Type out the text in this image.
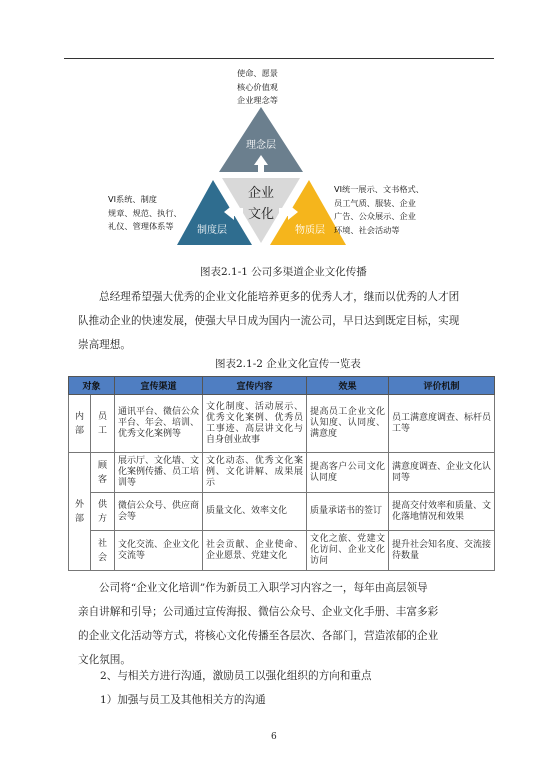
理念层
制度层	物质层
企业
文化
使命、愿景
核心价值观
企业理念等
VI系统、制度
规章、规范、执行、
礼仪、管理体系等
VI统一展示、文书格式、
员工气质、服装、企业
广告、公众展示、企业
环境、社会活动等
图表2.1-1 公司多渠道企业文化传播
总经理希望强大优秀的企业文化能培养更多的优秀人才，继而以优秀的人才团
队推动企业的快速发展，使强大早日成为国内一流公司，早日达到既定目标，实现
崇高理想。
图表2.1-2 企业文化宣传一览表
对象		宣传渠道	宣传内容	效果	评价机制
内部	员工	通讯平台、微信公众平台、年会、培训、优秀文化案例等	文化制度、活动展示、优秀文化案例、优秀员工事迹、高层讲文化与自身创业故事	提高员工企业文化认知度、认同度、满意度	员工满意度调查、标杆员工等
外部	顾客	展示厅、文化墙、文化案例传播、员工培训等	文化动态、优秀文化案例、文化讲解、成果展示	提高客户公司文化认同度	满意度调查、企业文化认同等
	供方	微信公众号、供应商会等	质量文化、效率文化	质量承诺书的签订	提高交付效率和质量、文化落地情况和效果
	社会	文化交流、企业文化交流等	社会贡献、企业使命、企业愿景、党建文化	文化之旅、党建文化访问、企业文化访问	提升社会知名度、交流接待数量
公司将“企业文化培训”作为新员工入职学习内容之一，每年由高层领导
亲自讲解和引导；公司通过宣传海报、微信公众号、企业文化手册、丰富多彩
的企业文化活动等方式，将核心文化传播至各层次、各部门，营造浓郁的企业
文化氛围。
2、与相关方进行沟通，激励员工以强化组织的方向和重点
1）加强与员工及其他相关方的沟通
6
